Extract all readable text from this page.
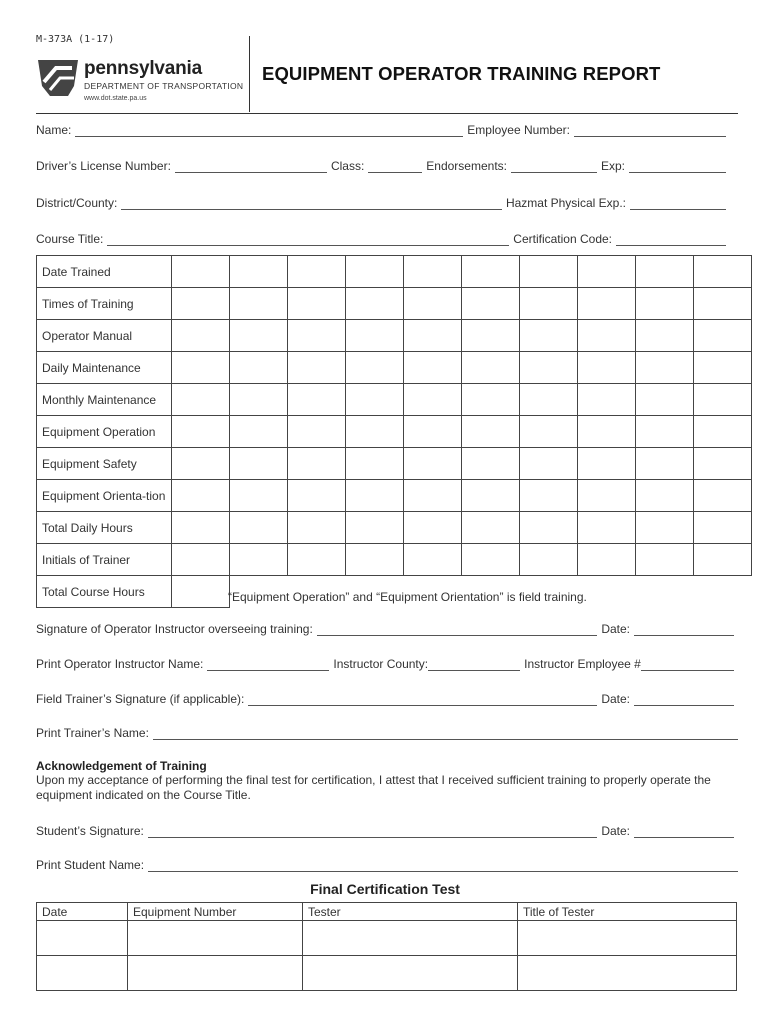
M-373A (1-17)
pennsylvania
DEPARTMENT OF TRANSPORTATION
www.dot.state.pa.us
EQUIPMENT OPERATOR TRAINING REPORT
Name:	Employee Number:
Driver’s License Number:	Class:	Endorsements:	Exp:
District/County:	Hazmat Physical Exp.:
Course Title:	Certification Code:
Date Trained										
Times of Training										
Operator Manual										
Daily Maintenance										
Monthly Maintenance										
Equipment Operation										
Equipment Safety										
Equipment Orienta-tion										
Total Daily Hours										
Initials of Trainer										
Total Course Hours											“Equipment Operation” and “Equipment Orientation” is field training.
Signature of Operator Instructor overseeing training:	Date:
Print Operator Instructor Name:	Instructor County:	Instructor Employee #
Field Trainer’s Signature (if applicable):	Date:
Print Trainer’s Name:
Acknowledgement of Training
Upon my acceptance of performing the final test for certification, I attest that I received sufficient training to properly operate the equipment indicated on the Course Title.
Student’s Signature:	Date:
Print Student Name:
Final Certification Test
Date	Equipment Number	Tester	Title of Tester
